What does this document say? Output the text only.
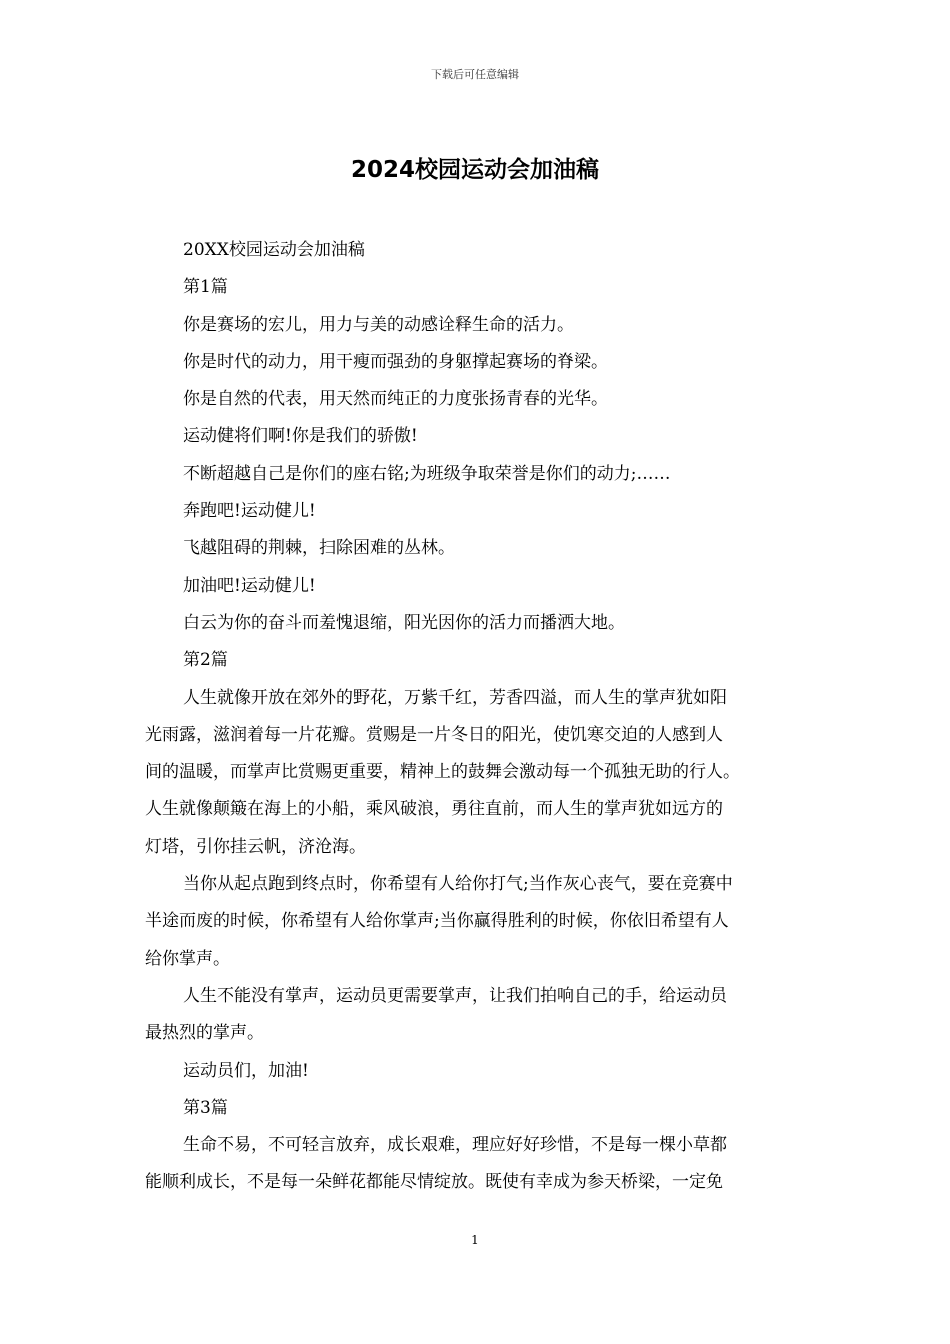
下载后可任意编辑
2024校园运动会加油稿

20XX校园运动会加油稿

第1篇

你是赛场的宏儿，用力与美的动感诠释生命的活力。

你是时代的动力，用干瘦而强劲的身躯撑起赛场的脊梁。

你是自然的代表，用天然而纯正的力度张扬青春的光华。

运动健将们啊!你是我们的骄傲!

不断超越自己是你们的座右铭;为班级争取荣誉是你们的动力;……

奔跑吧!运动健儿!

飞越阻碍的荆棘，扫除困难的丛林。

加油吧!运动健儿!

白云为你的奋斗而羞愧退缩，阳光因你的活力而播洒大地。

第2篇

人生就像开放在郊外的野花，万紫千红，芳香四溢，而人生的掌声犹如阳
光雨露，滋润着每一片花瓣。赏赐是一片冬日的阳光，使饥寒交迫的人感到人
间的温暖，而掌声比赏赐更重要，精神上的鼓舞会激动每一个孤独无助的行人。
人生就像颠簸在海上的小船，乘风破浪，勇往直前，而人生的掌声犹如远方的
灯塔，引你挂云帆，济沧海。
当你从起点跑到终点时，你希望有人给你打气;当作灰心丧气，要在竞赛中
半途而废的时候，你希望有人给你掌声;当你赢得胜利的时候，你依旧希望有人
给你掌声。
人生不能没有掌声，运动员更需要掌声，让我们拍响自己的手，给运动员
最热烈的掌声。

运动员们，加油!

第3篇

生命不易，不可轻言放弃，成长艰难，理应好好珍惜，不是每一棵小草都
能顺利成长，不是每一朵鲜花都能尽情绽放。既使有幸成为参天桥梁，一定免
1
